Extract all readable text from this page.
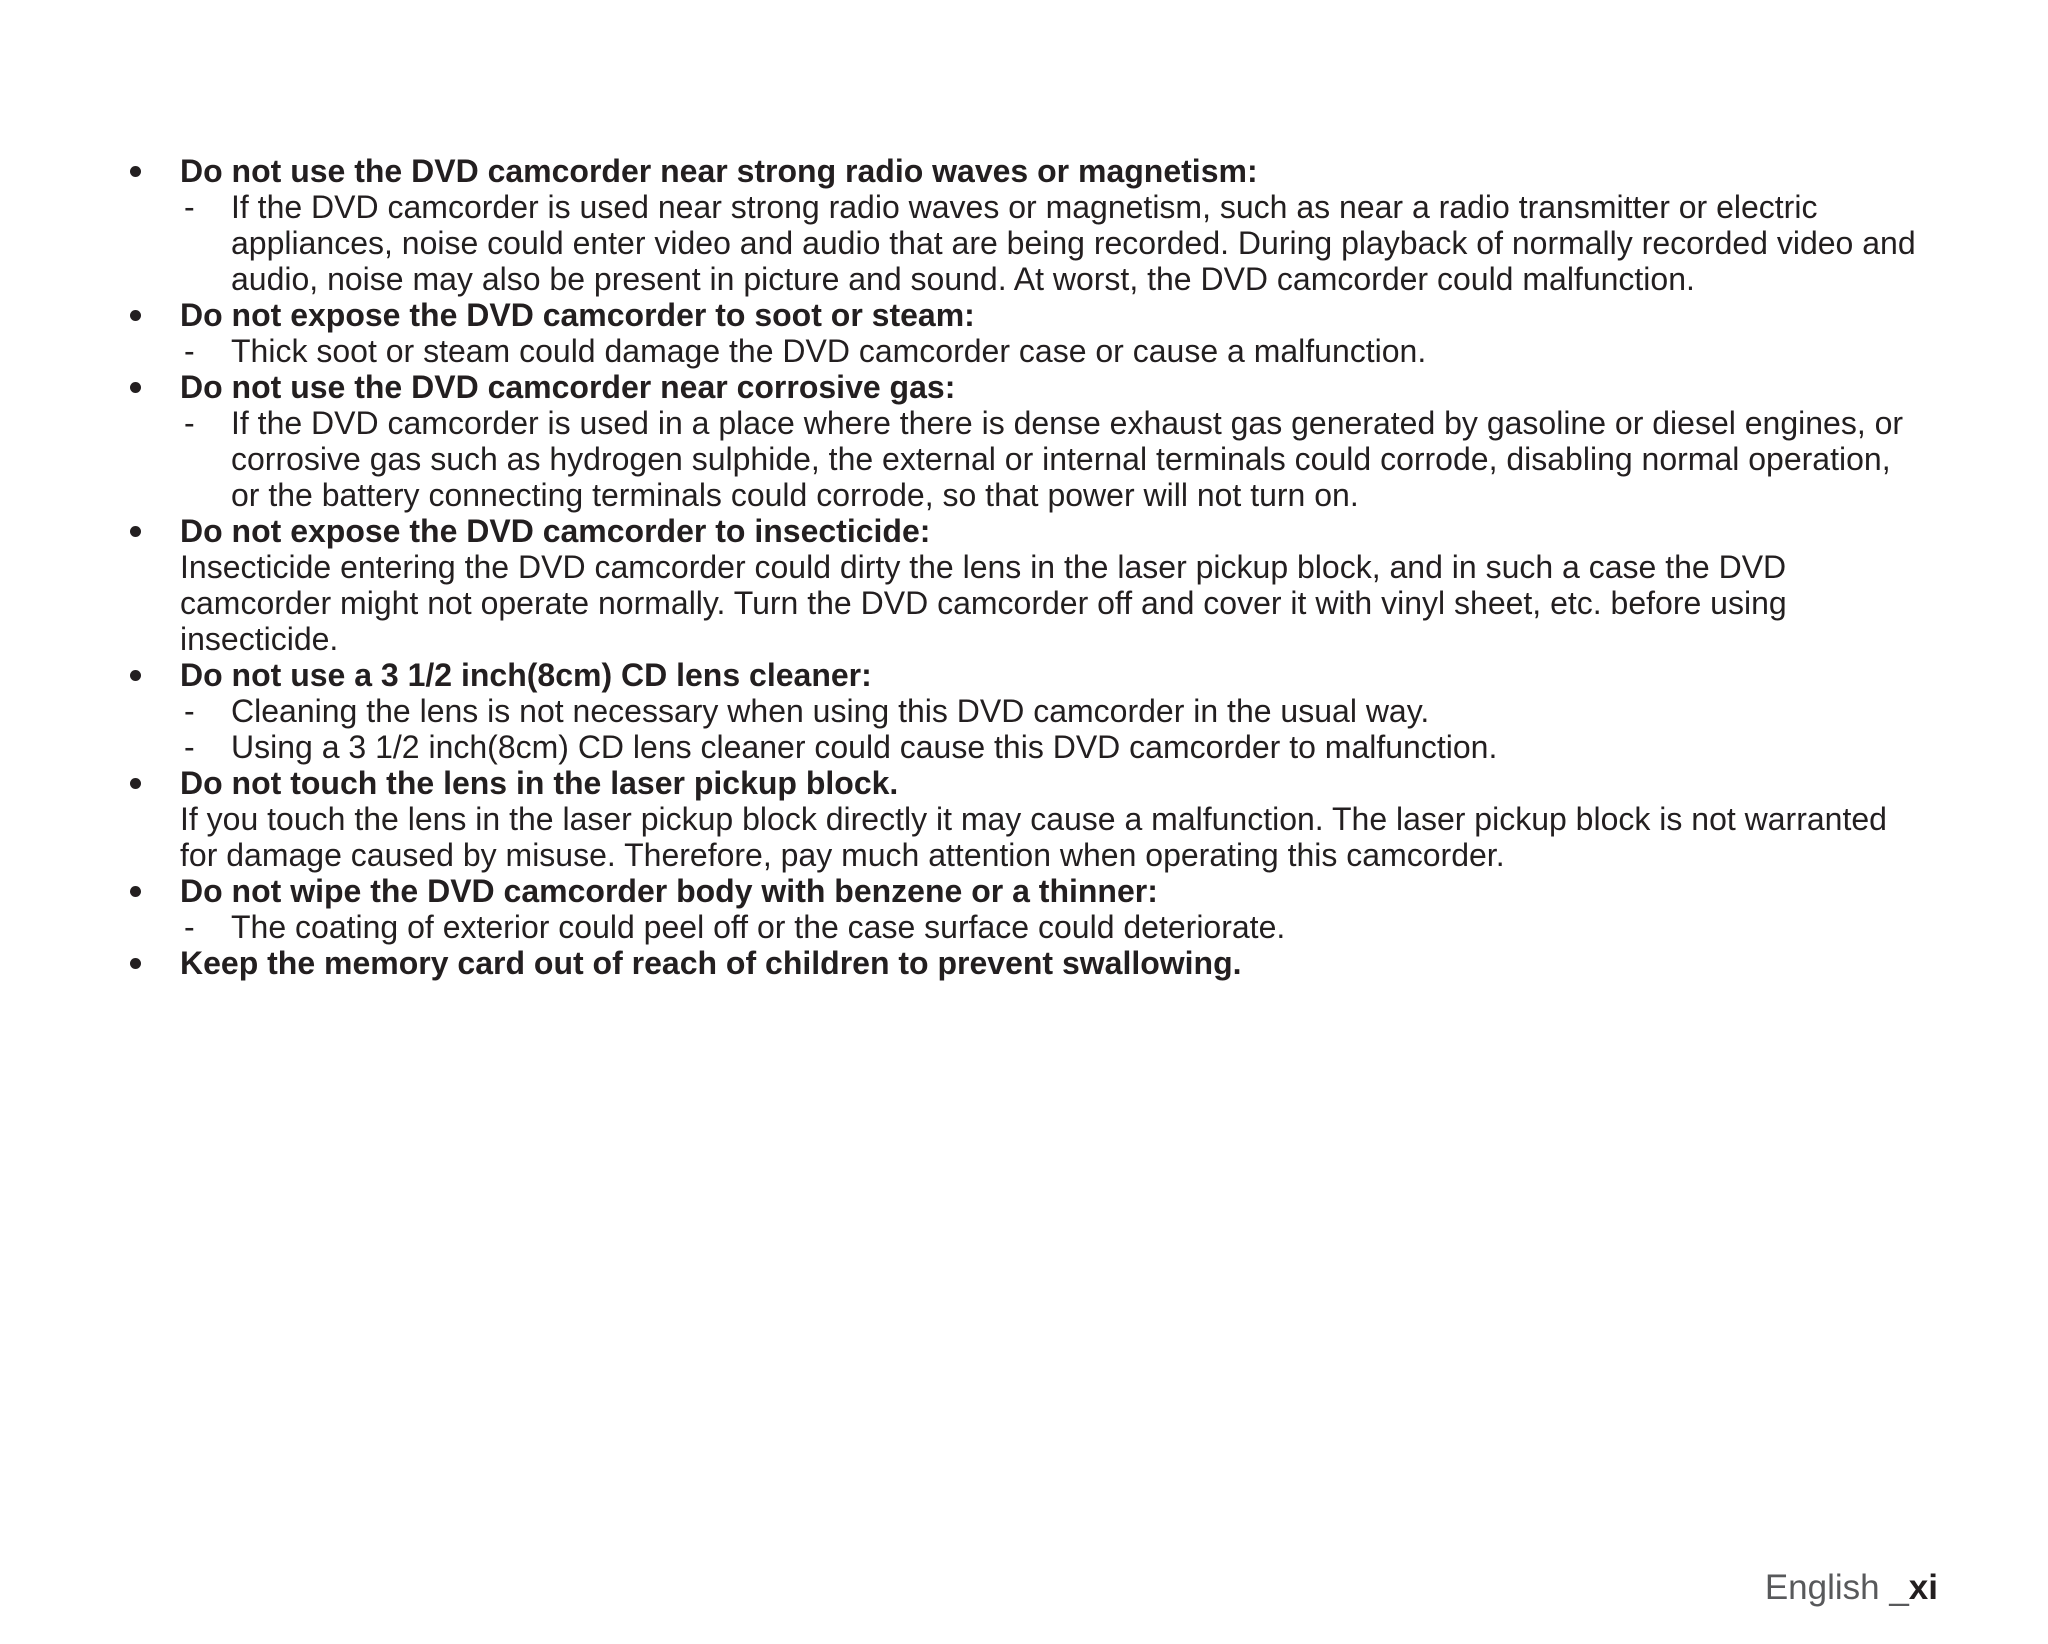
Do not use the DVD camcorder near strong radio waves or magnetism:
- If the DVD camcorder is used near strong radio waves or magnetism, such as near a radio transmitter or electric appliances, noise could enter video and audio that are being recorded. During playback of normally recorded video and audio, noise may also be present in picture and sound. At worst, the DVD camcorder could malfunction.
Do not expose the DVD camcorder to soot or steam:
- Thick soot or steam could damage the DVD camcorder case or cause a malfunction.
Do not use the DVD camcorder near corrosive gas:
- If the DVD camcorder is used in a place where there is dense exhaust gas generated by gasoline or diesel engines, or corrosive gas such as hydrogen sulphide, the external or internal terminals could corrode, disabling normal operation, or the battery connecting terminals could corrode, so that power will not turn on.
Do not expose the DVD camcorder to insecticide:
Insecticide entering the DVD camcorder could dirty the lens in the laser pickup block, and in such a case the DVD camcorder might not operate normally. Turn the DVD camcorder off and cover it with vinyl sheet, etc. before using insecticide.
Do not use a 3 1/2 inch(8cm) CD lens cleaner:
- Cleaning the lens is not necessary when using this DVD camcorder in the usual way.
- Using a 3 1/2 inch(8cm) CD lens cleaner could cause this DVD camcorder to malfunction.
Do not touch the lens in the laser pickup block.
If you touch the lens in the laser pickup block directly it may cause a malfunction. The laser pickup block is not warranted for damage caused by misuse. Therefore, pay much attention when operating this camcorder.
Do not wipe the DVD camcorder body with benzene or a thinner:
- The coating of exterior could peel off or the case surface could deteriorate.
Keep the memory card out of reach of children to prevent swallowing.
English _xi
